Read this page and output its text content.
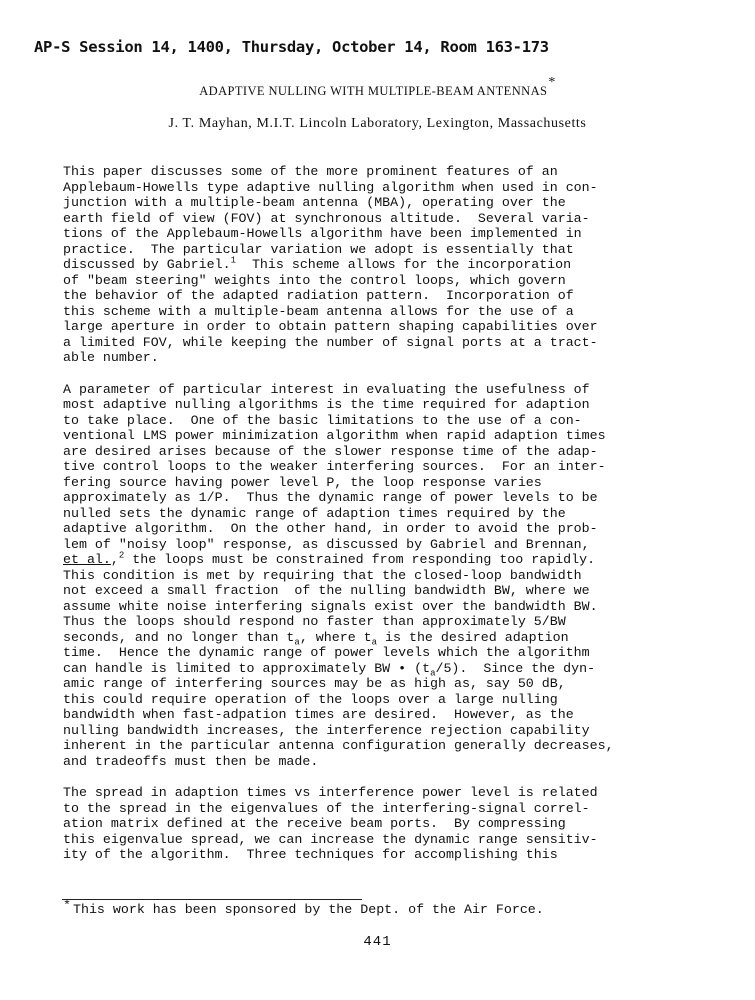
AP-S Session 14, 1400, Thursday, October 14, Room 163-173
ADAPTIVE NULLING WITH MULTIPLE-BEAM ANTENNAS*
J. T. Mayhan, M.I.T. Lincoln Laboratory, Lexington, Massachusetts
This paper discusses some of the more prominent features of an
Applebaum-Howells type adaptive nulling algorithm when used in con-
junction with a multiple-beam antenna (MBA), operating over the
earth field of view (FOV) at synchronous altitude.  Several varia-
tions of the Applebaum-Howells algorithm have been implemented in
practice.  The particular variation we adopt is essentially that
discussed by Gabriel.$^1$  This scheme allows for the incorporation
of "beam steering" weights into the control loops, which govern
the behavior of the adapted radiation pattern.  Incorporation of
this scheme with a multiple-beam antenna allows for the use of a
large aperture in order to obtain pattern shaping capabilities over
a limited FOV, while keeping the number of signal ports at a tract-
able number.
A parameter of particular interest in evaluating the usefulness of
most adaptive nulling algorithms is the time required for adaption
to take place.  One of the basic limitations to the use of a con-
ventional LMS power minimization algorithm when rapid adaption times
are desired arises because of the slower response time of the adap-
tive control loops to the weaker interfering sources.  For an inter-
fering source having power level P, the loop response varies
approximately as 1/P.  Thus the dynamic range of power levels to be
nulled sets the dynamic range of adaption times required by the
adaptive algorithm.  On the other hand, in order to avoid the prob-
lem of "noisy loop" response, as discussed by Gabriel and Brennan,
et al.,$^2$ the loops must be constrained from responding too rapidly.
This condition is met by requiring that the closed-loop bandwidth
not exceed a small fraction  of the nulling bandwidth BW, where we
assume white noise interfering signals exist over the bandwidth BW.
Thus the loops should respond no faster than approximately 5/BW
seconds, and no longer than $t_a$, where $t_a$ is the desired adaption
time.  Hence the dynamic range of power levels which the algorithm
can handle is limited to approximately BW • $(t_a/5)$.  Since the dyn-
amic range of interfering sources may be as high as, say 50 dB,
this could require operation of the loops over a large nulling
bandwidth when fast-adpation times are desired.  However, as the
nulling bandwidth increases, the interference rejection capability
inherent in the particular antenna configuration generally decreases,
and tradeoffs must then be made.
The spread in adaption times vs interference power level is related
to the spread in the eigenvalues of the interfering-signal correl-
ation matrix defined at the receive beam ports.  By compressing
this eigenvalue spread, we can increase the dynamic range sensitiv-
ity of the algorithm.  Three techniques for accomplishing this
* This work has been sponsored by the Dept. of the Air Force.
441
